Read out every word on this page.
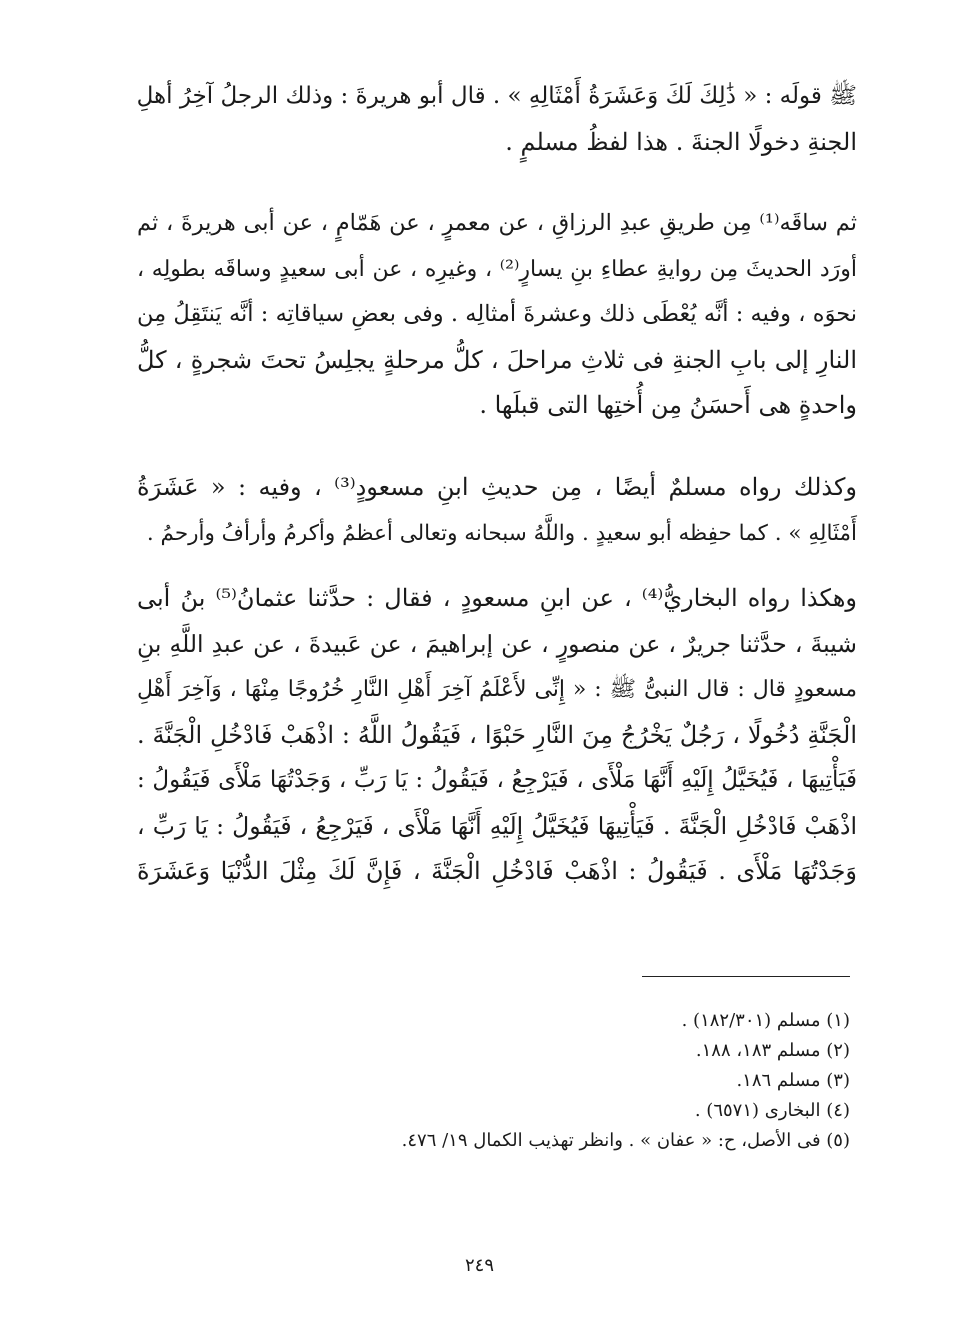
ﷺ قولَه : « ذَٰلِكَ لَكَ وَعَشَرَةُ أَمْثَالِهِ » . قال أبو هريرةَ : وذلك الرجلُ آخِرُ أهلِ
الجنةِ دخولًا الجنةَ . هذا لفظُ مسلمٍ .
ثم ساقَه⁽¹⁾ مِن طريقِ عبدِ الرزاقِ ، عن معمرٍ ، عن هَمّامٍ ، عن أبى هريرةَ ، ثم
أورَد الحديثَ مِن روايةِ عطاءِ بنِ يسارٍ⁽²⁾ ، وغيرِه ، عن أبى سعيدٍ وساقَه بطولِه ،
نحوَه ، وفيه : أنَّه يُعْطَى ذلك وعشرةَ أمثالِه . وفى بعضِ سياقاتِه : أنَّه يَنتَقِلُ مِن
النارِ إلى بابِ الجنةِ فى ثلاثِ مراحلَ ، كلُّ مرحلةٍ يجلِسُ تحتَ شجرةٍ ، كلُّ
واحدةٍ هى أَحسَنُ مِن أُختِها التى قبلَها .
وكذلك رواه مسلمٌ أيضًا ، مِن حديثِ ابنِ مسعودٍ⁽³⁾ ، وفيه : « عَشَرَةُ
أَمْثَالِهِ » . كما حفِظه أبو سعيدٍ . واللَّهُ سبحانه وتعالى أعظمُ وأكرمُ وأرأفُ وأرحمُ .
وهكذا رواه البخاريُّ⁽⁴⁾ ، عن ابنِ مسعودٍ ، فقال : حدَّثنا عثمانُ⁽⁵⁾ بنُ أبى
شيبةَ ، حدَّثنا جريرٌ ، عن منصورٍ ، عن إبراهيمَ ، عن عَبيدةَ ، عن عبدِ اللَّهِ بنِ
مسعودٍ قال : قال النبىُّ ﷺ : « إِنِّى لأَعْلَمُ آخِرَ أَهْلِ النَّارِ خُرُوجًا مِنْهَا ، وَآخِرَ أَهْلِ
الْجَنَّةِ دُخُولًا ، رَجُلٌ يَخْرُجُ مِنَ النَّارِ حَبْوًا ، فَيَقُولُ اللَّهُ : اذْهَبْ فَادْخُلِ الْجَنَّةَ .
فَيَأْتِيهَا ، فَيُخَيَّلُ إِلَيْهِ أَنَّهَا مَلْأَى ، فَيَرْجِعُ ، فَيَقُولُ : يَا رَبِّ ، وَجَدْتُهَا مَلْأَى فَيَقُولُ :
اذْهَبْ فَادْخُلِ الْجَنَّةَ . فَيَأْتِيهَا فَيُخَيَّلُ إِلَيْهِ أَنَّهَا مَلْأَى ، فَيَرْجِعُ ، فَيَقُولُ : يَا رَبِّ ،
وَجَدْتُهَا مَلْأَى . فَيَقُولُ : اذْهَبْ فَادْخُلِ الْجَنَّةَ ، فَإِنَّ لَكَ مِثْلَ الدُّنْيَا وَعَشَرَةَ
(١) مسلم (١٨٢/٣٠١) .
(٢) مسلم ١٨٣، ١٨٨.
(٣) مسلم ١٨٦.
(٤) البخارى (٦٥٧١) .
(٥) فى الأصل، ح: « عفان » . وانظر تهذيب الكمال ١٩/ ٤٧٦.
٢٤٩
